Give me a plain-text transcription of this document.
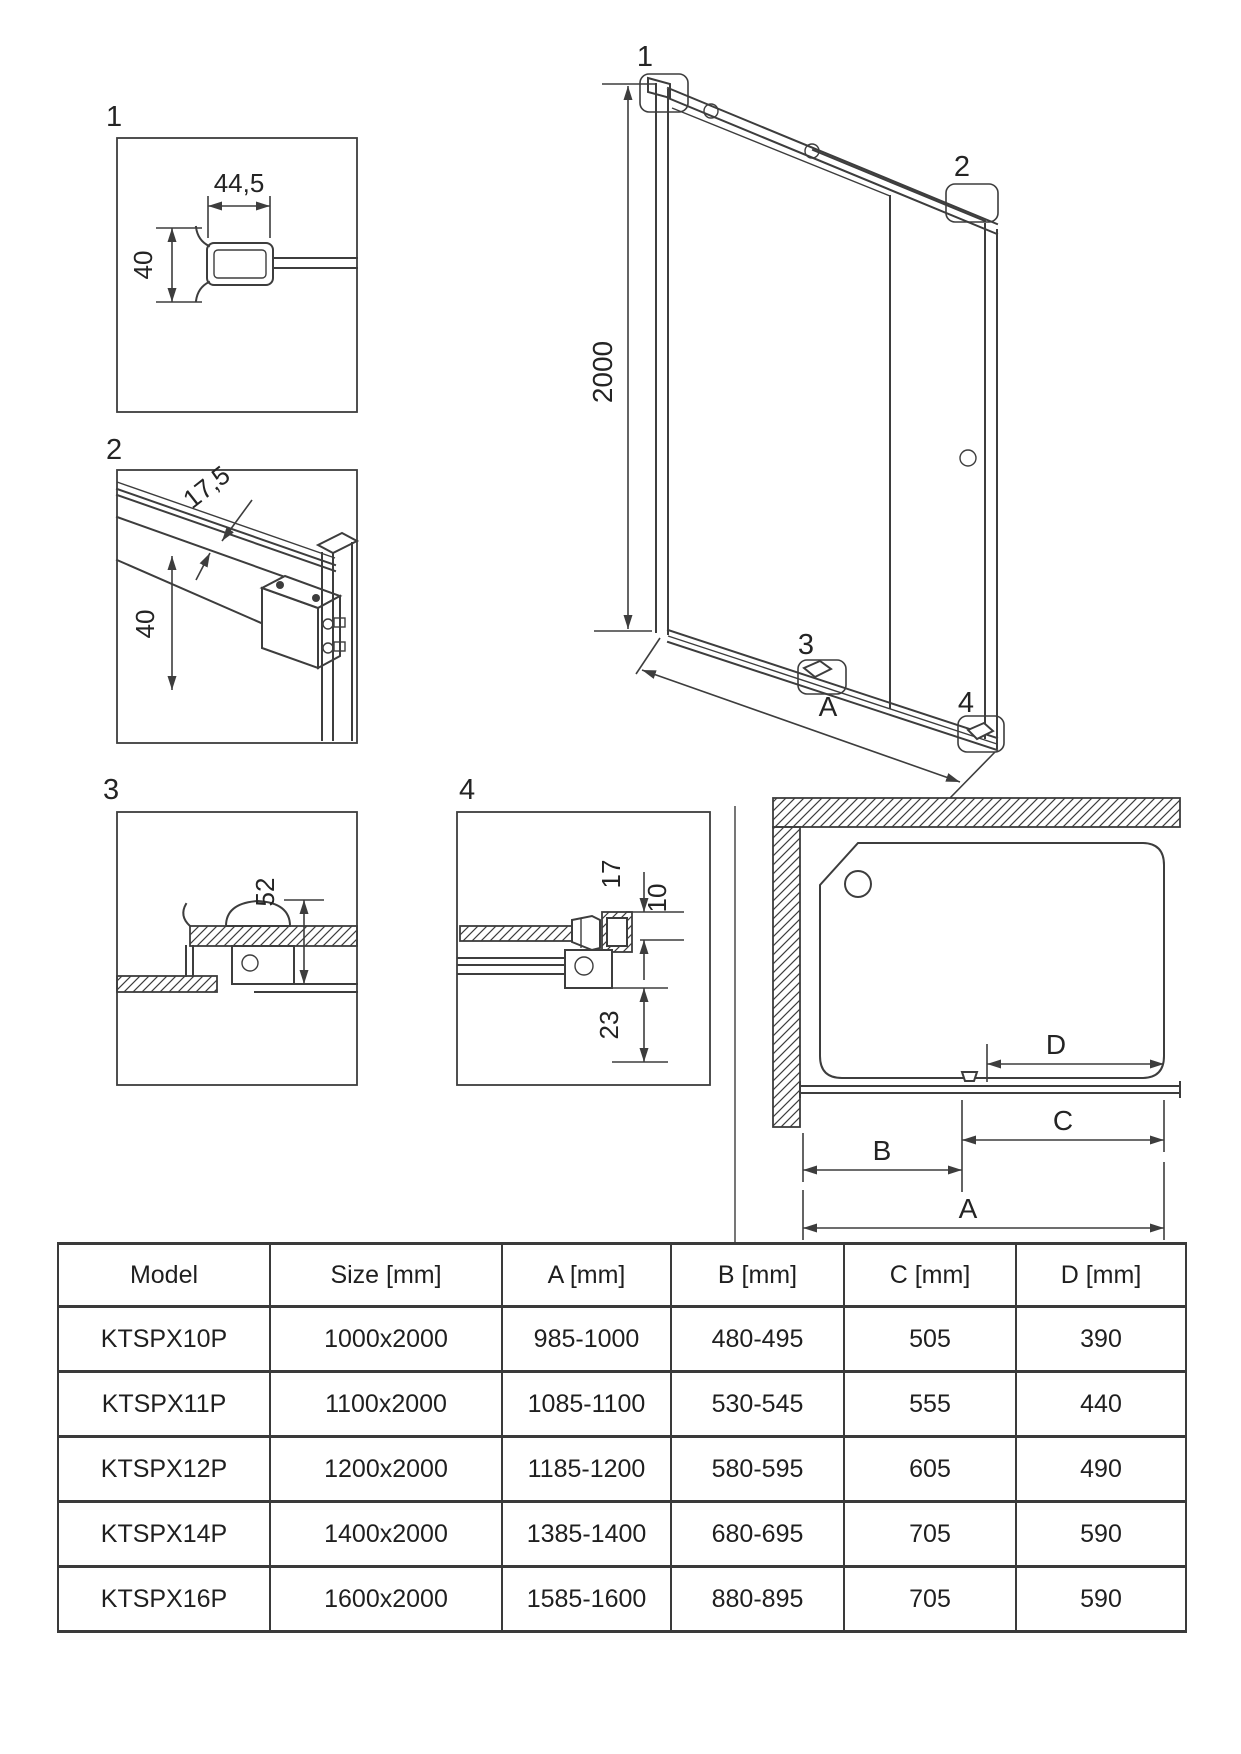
1
44,5
40
2
17,5
40
3
52
4
17
10
23
1
2
3
4
2000
A
D
C
B
A
Model	Size [mm]	A [mm]	B [mm]	C [mm]	D [mm]
KTSPX10P	1000x2000	985-1000	480-495	505	390
KTSPX11P	1100x2000	1085-1100	530-545	555	440
KTSPX12P	1200x2000	1185-1200	580-595	605	490
KTSPX14P	1400x2000	1385-1400	680-695	705	590
KTSPX16P	1600x2000	1585-1600	880-895	705	590
